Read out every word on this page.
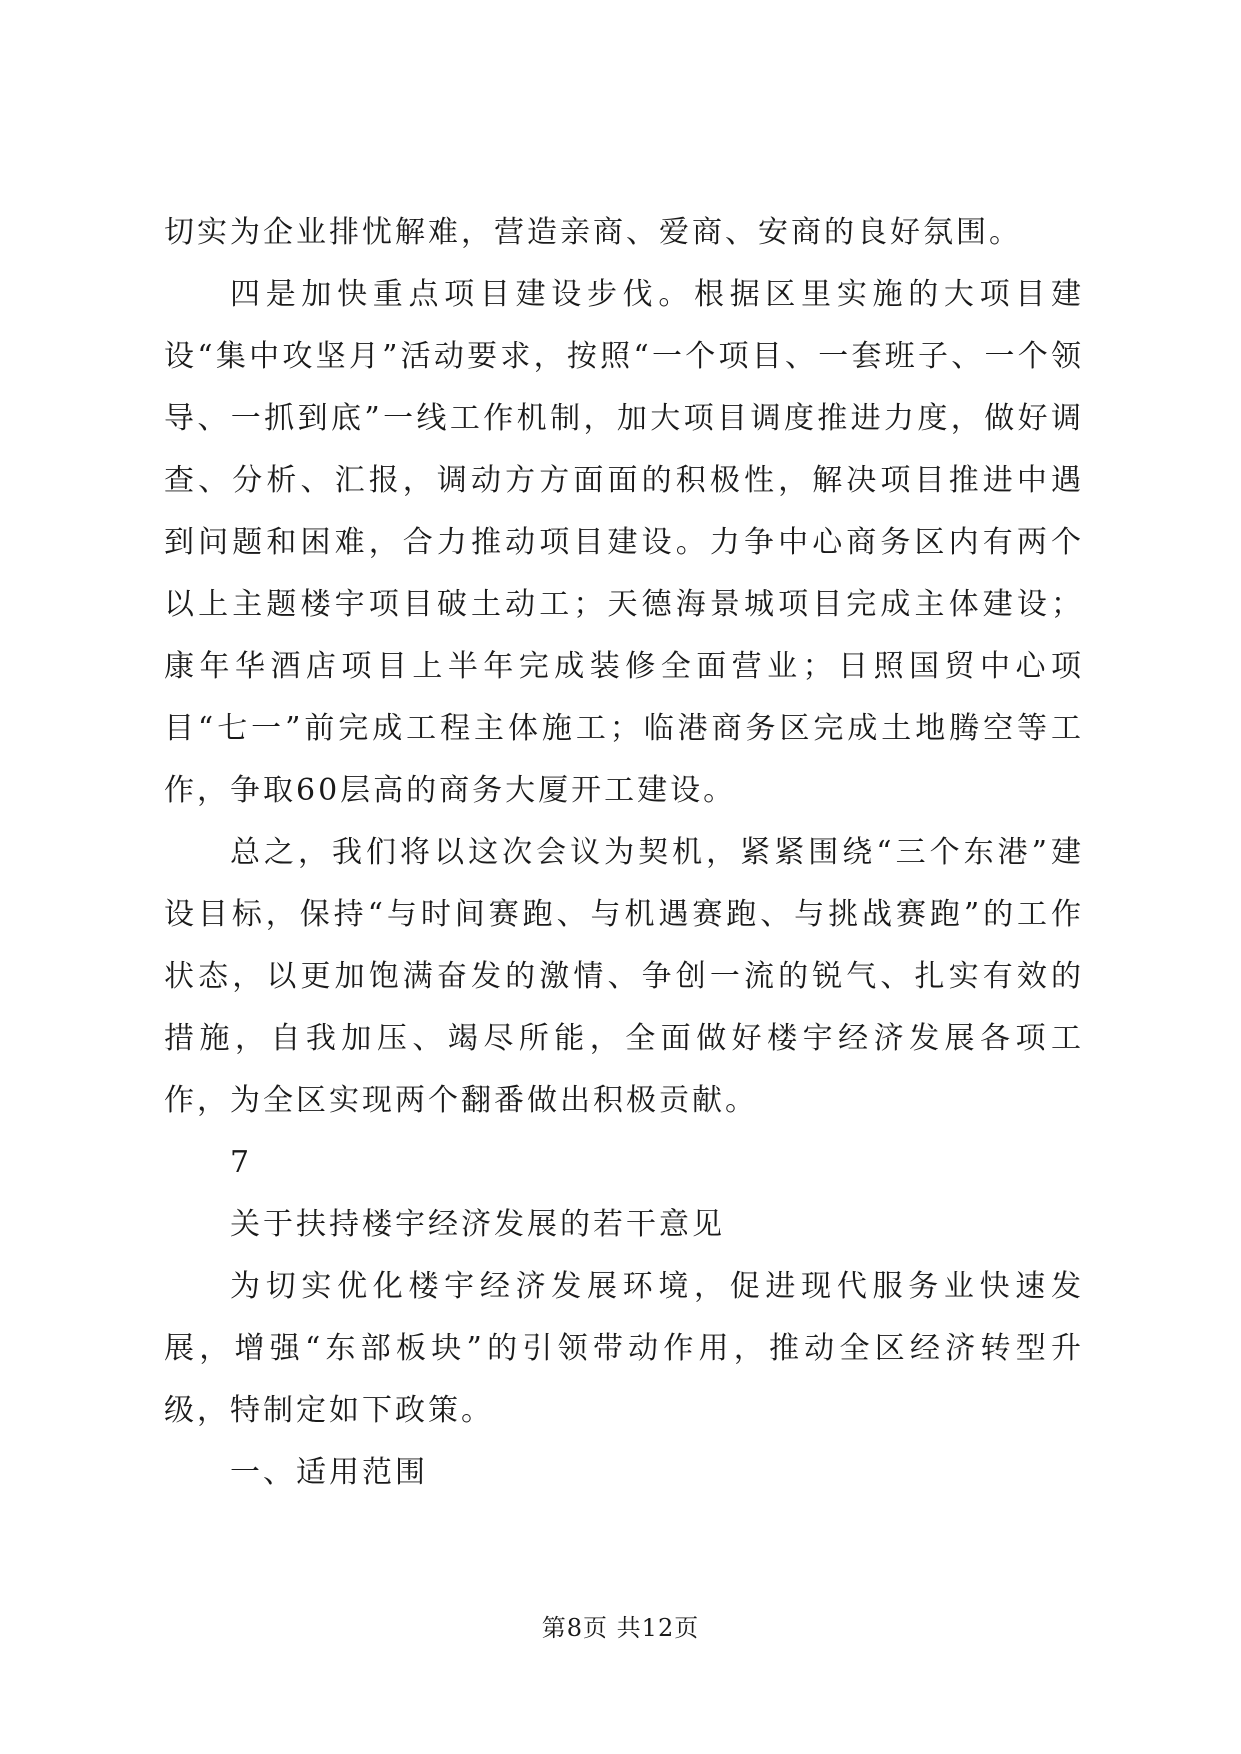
切实为企业排忧解难，营造亲商、爱商、安商的良好氛围。

四是加快重点项目建设步伐。根据区里实施的大项目建设“集中攻坚月”活动要求，按照“一个项目、一套班子、一个领导、一抓到底”一线工作机制，加大项目调度推进力度，做好调查、分析、汇报，调动方方面面的积极性，解决项目推进中遇到问题和困难，合力推动项目建设。力争中心商务区内有两个以上主题楼宇项目破土动工；天德海景城项目完成主体建设；康年华酒店项目上半年完成装修全面营业；日照国贸中心项目“七一”前完成工程主体施工；临港商务区完成土地腾空等工作，争取60层高的商务大厦开工建设。

总之，我们将以这次会议为契机，紧紧围绕“三个东港”建设目标，保持“与时间赛跑、与机遇赛跑、与挑战赛跑”的工作状态，以更加饱满奋发的激情、争创一流的锐气、扎实有效的措施，自我加压、竭尽所能，全面做好楼宇经济发展各项工作，为全区实现两个翻番做出积极贡献。

7

关于扶持楼宇经济发展的若干意见

为切实优化楼宇经济发展环境，促进现代服务业快速发展，增强“东部板块”的引领带动作用，推动全区经济转型升级，特制定如下政策。

一、适用范围

第8页 共12页
